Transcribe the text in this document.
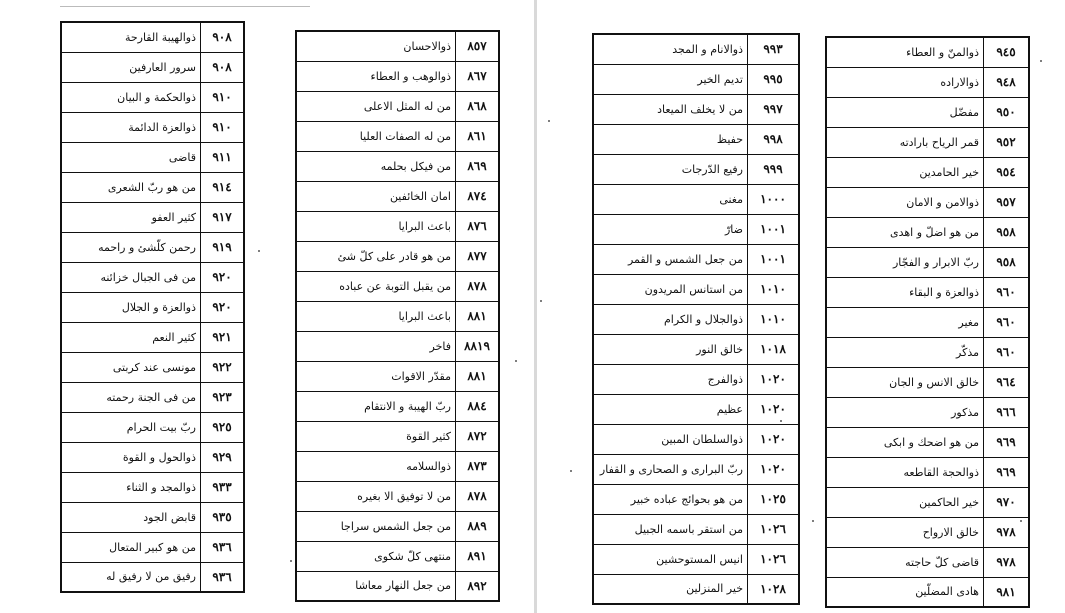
٩٠٨	ذوالهيبة القارحة
٩٠٨	سرور العارفين
٩١٠	ذوالحكمة و البيان
٩١٠	ذوالعزة الدائمة
٩١١	قاضى
٩١٤	من هو ربّ الشعرى
٩١٧	كثير العفو
٩١٩	رحمن كلّشئ و راحمه
٩٢٠	من فى الجبال خزائنه
٩٢٠	ذوالعزة و الجلال
٩٢١	كثير النعم
٩٢٢	مونسى عند كربتى
٩٢٣	من فى الجنة رحمته
٩٢٥	ربّ بيت الحرام
٩٢٩	ذوالحول و القوة
٩٣٣	ذوالمجد و الثناء
٩٣٥	قابض الجود
٩٣٦	من هو كبير المتعال
٩٣٦	رفيق من لا رفيق له
٨٥٧	ذوالاحسان
٨٦٧	ذوالوهب و العطاء
٨٦٨	من له المثل الاعلى
٨٦١	من له الصفات العليا
٨٦٩	من فيكل بحلمه
٨٧٤	امان الخائفين
٨٧٦	باعث البرايا
٨٧٧	من هو قادر على كلّ شئ
٨٧٨	من يقبل التوبة عن عباده
٨٨١	باعث البرايا
٨٨١٩	فاخر
٨٨١	مقدّر الاقوات
٨٨٤	ربّ الهيبة و الانتقام
٨٧٢	كثير القوة
٨٧٣	ذوالسلامه
٨٧٨	من لا توفيق الا بغيره
٨٨٩	من جعل الشمس سراجا
٨٩١	منتهى كلّ شكوى
٨٩٢	من جعل النهار معاشا
٩٩٣	ذوالانام و المجد
٩٩٥	تديم الخير
٩٩٧	من لا يخلف الميعاد
٩٩٨	حفيظ
٩٩٩	رفيع الدّرجات
١٠٠٠	مغنى
١٠٠١	ضارّ
١٠٠١	من جعل الشمس و القمر
١٠١٠	من استانس المريدون
١٠١٠	ذوالجلال و الكرام
١٠١٨	خالق النور
١٠٢٠	ذوالفرج
١٠٢٠	عظيم
١٠٢٠	ذوالسلطان المبين
١٠٢٠	ربّ البرارى و الصحارى و القفار
١٠٢٥	من هو بحوائج عباده خبير
١٠٢٦	من استقر باسمه الجبيل
١٠٢٦	انيس المستوحشين
١٠٢٨	خير المنزلين
٩٤٥	ذوالمنّ و العطاء
٩٤٨	ذوالاراده
٩٥٠	مفضّل
٩٥٢	قمر الرياح بارادته
٩٥٤	خير الحامدين
٩٥٧	ذوالامن و الامان
٩٥٨	من هو اضلّ و اهدى
٩٥٨	ربّ الابرار و الفجّار
٩٦٠	ذوالعزة و البقاء
٩٦٠	مغير
٩٦٠	مذكّر
٩٦٤	خالق الانس و الجان
٩٦٦	مذكور
٩٦٩	من هو اضحك و ابكى
٩٦٩	ذوالحجة القاطعه
٩٧٠	خير الحاكمين
٩٧٨	خالق الارواح
٩٧٨	قاضى كلّ حاجته
٩٨١	هادى المضلّين
